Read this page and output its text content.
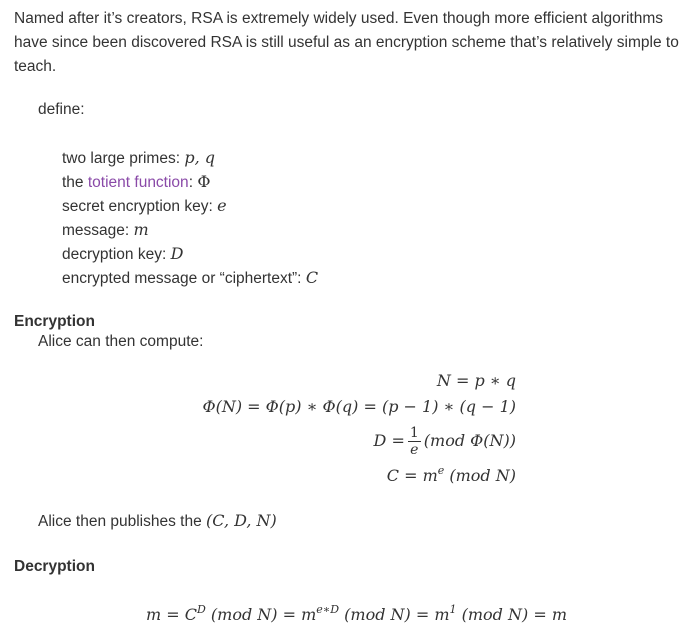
Named after it’s creators, RSA is extremely widely used. Even though more efficient algorithms have since been discovered RSA is still useful as an encryption scheme that’s relatively simple to teach.

define:

two large primes: p, q
the totient function: Φ
secret encryption key: e
message: m
decryption key: D
encrypted message or “ciphertext”: C
Encryption

Alice can then compute:

N = p ∗ q
Φ(N) = Φ(p) ∗ Φ(q) = (p − 1) ∗ (q − 1)
$D = \frac{1}{e} (mod$ Φ(N))
$C = m^e$ (mod N)

Alice then publishes the (C, D, N)

Decryption
$m = C^D$ (mod $N) = m^{e∗D}$ (mod $N) = m^1$ (mod N) = m
